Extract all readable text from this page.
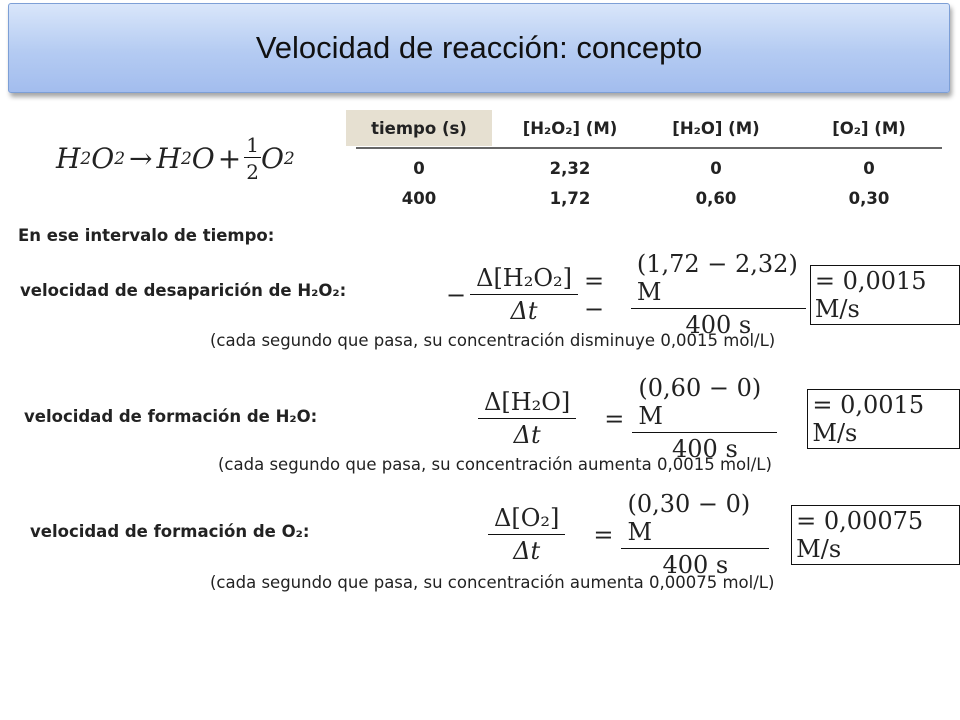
Velocidad de reacción: concepto
H 2 O 2 → H 2 $O + \frac{1}{2}$ O 2
tiempo (s)	[H₂O₂] (M)	[H₂O] (M)	[O₂] (M)
0	2,32	0	0
400	1,72	0,60	0,30
En ese intervalo de tiempo:
velocidad de desaparición de H₂O₂:	− $\frac{\text{Δ[H₂O₂]}}{\Delta t}$ = −	$\frac{(1,72 - 2,32) M}{400 s} = 0,0015$ M/s
(cada segundo que pasa, su concentración disminuye 0,0015 mol/L)
velocidad de formación de H₂O:	$\frac{\text{Δ[H₂O]}}{\Delta t} = \frac{(0,60 - 0) M}{400 s} = 0,0015$ M/s
(cada segundo que pasa, su concentración aumenta 0,0015 mol/L)
velocidad de formación de O₂:	$\frac{\text{Δ[O₂]}}{\Delta t} = \frac{(0,30 - 0) M}{400 s} = 0,00075$ M/s
(cada segundo que pasa, su concentración aumenta 0,00075 mol/L)
